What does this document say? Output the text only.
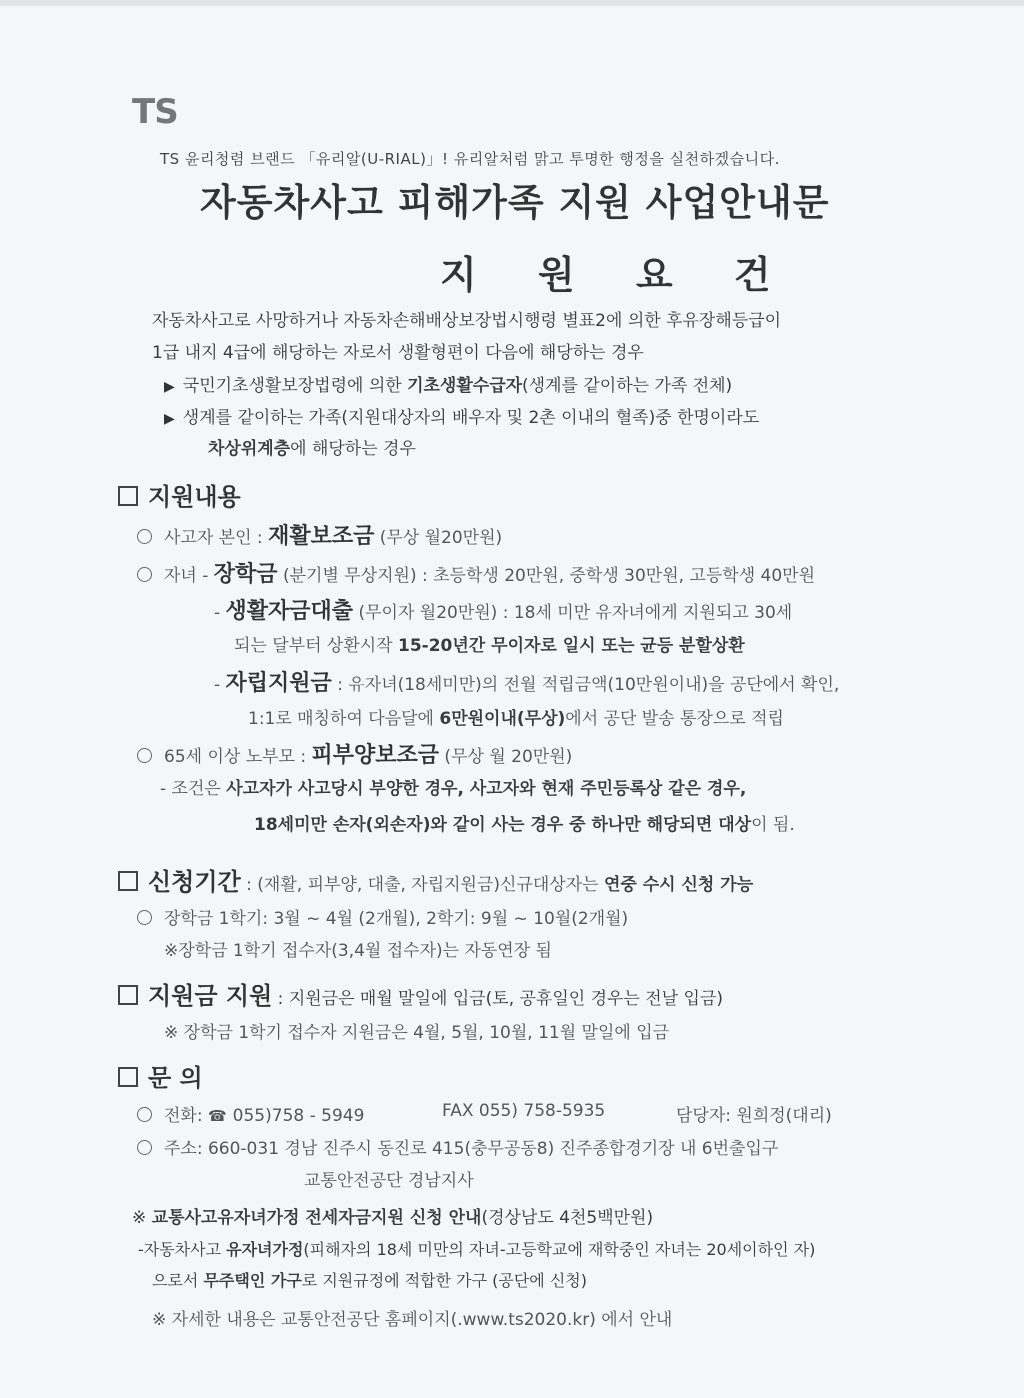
TS
TS 윤리청렴 브랜드 「유리알(U-RIAL)」! 유리알처럼 맑고 투명한 행정을 실천하겠습니다.
자동차사고 피해가족 지원 사업안내문
지 원 요 건
자동차사고로 사망하거나 자동차손해배상보장법시행령 별표2에 의한 후유장해등급이
1급 내지 4급에 해당하는 자로서 생활형편이 다음에 해당하는 경우
▶ 국민기초생활보장법령에 의한 기초생활수급자(생계를 같이하는 가족 전체)
▶ 생계를 같이하는 가족(지원대상자의 배우자 및 2촌 이내의 혈족)중 한명이라도
차상위계층에 해당하는 경우
지원내용
사고자 본인 : 재활보조금 (무상 월20만원)
자녀 - 장학금 (분기별 무상지원) : 초등학생 20만원, 중학생 30만원, 고등학생 40만원
- 생활자금대출 (무이자 월20만원) : 18세 미만 유자녀에게 지원되고 30세
되는 달부터 상환시작 15-20년간 무이자로 일시 또는 균등 분할상환
- 자립지원금 : 유자녀(18세미만)의 전월 적립금액(10만원이내)을 공단에서 확인,
1:1로 매칭하여 다음달에 6만원이내(무상)에서 공단 발송 통장으로 적립
65세 이상 노부모 : 피부양보조금 (무상 월 20만원)
- 조건은 사고자가 사고당시 부양한 경우, 사고자와 현재 주민등록상 같은 경우,
18세미만 손자(외손자)와 같이 사는 경우 중 하나만 해당되면 대상이 됨.
신청기간 : (재활, 피부양, 대출, 자립지원금)신규대상자는 연중 수시 신청 가능
장학금 1학기: 3월 ~ 4월 (2개월), 2학기: 9월 ~ 10월(2개월)
※장학금 1학기 접수자(3,4월 접수자)는 자동연장 됨
지원금 지원 : 지원금은 매월 말일에 입금(토, 공휴일인 경우는 전날 입금)
※ 장학금 1학기 접수자 지원금은 4월, 5월, 10월, 11월 말일에 입금
문 의
전화: ☎ 055)758 - 5949	FAX 055) 758-5935	담당자: 원희정(대리)
주소: 660-031 경남 진주시 동진로 415(충무공동8) 진주종합경기장 내 6번출입구
교통안전공단 경남지사
※ 교통사고유자녀가정 전세자금지원 신청 안내(경상남도 4천5백만원)
-자동차사고 유자녀가정(피해자의 18세 미만의 자녀-고등학교에 재학중인 자녀는 20세이하인 자)
으로서 무주택인 가구로 지원규정에 적합한 가구 (공단에 신청)
※ 자세한 내용은 교통안전공단 홈페이지(.www.ts2020.kr) 에서 안내
